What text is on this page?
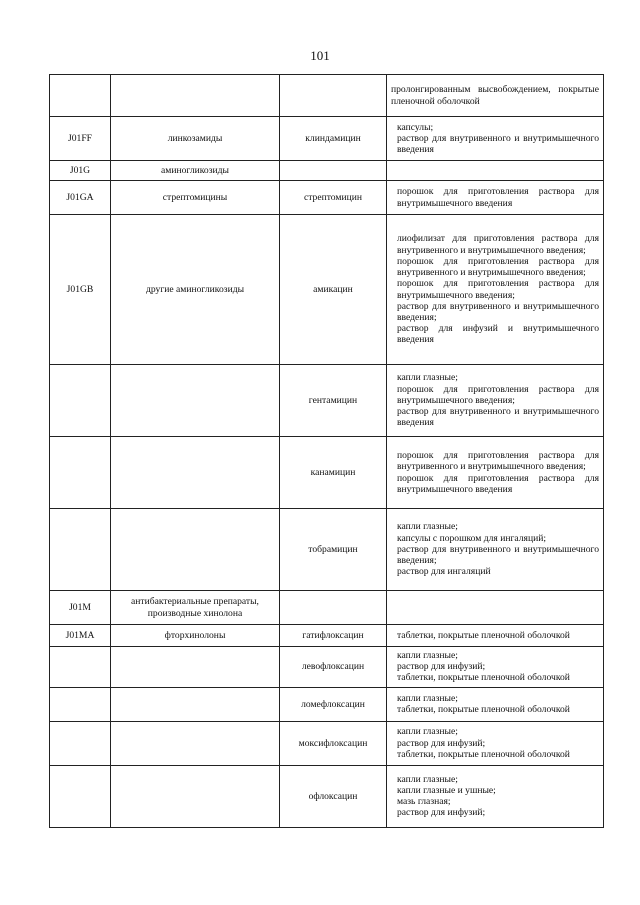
101

			пролонгированным высвобождением, покрытые пленочной оболочкой

J01FF	линкозамиды	клиндамицин	капсулы;
раствор для внутривенного и внутримышечного введения

J01G	аминогликозиды		
J01GA	стрептомицины	стрептомицин	порошок для приготовления раствора для внутримышечного введения

J01GB	другие аминогликозиды	амикацин	лиофилизат для приготовления раствора для внутривенного и внутримышечного введения;
порошок для приготовления раствора для внутривенного и внутримышечного введения;
порошок для приготовления раствора для внутримышечного введения;
раствор для внутривенного и внутримышечного введения;
раствор для инфузий и внутримышечного введения

		гентамицин	капли глазные;
порошок для приготовления раствора для внутримышечного введения;
раствор для внутривенного и внутримышечного введения

		канамицин	порошок для приготовления раствора для внутривенного и внутримышечного введения;
порошок для приготовления раствора для внутримышечного введения

		тобрамицин	капли глазные;
капсулы с порошком для ингаляций;
раствор для внутривенного и внутримышечного введения;
раствор для ингаляций

J01M	антибактериальные препараты, производные хинолона		
J01MA	фторхинолоны	гатифлоксацин	таблетки, покрытые пленочной оболочкой

		левофлоксацин	капли глазные;
раствор для инфузий;
таблетки, покрытые пленочной оболочкой

		ломефлоксацин	капли глазные;
таблетки, покрытые пленочной оболочкой

		моксифлоксацин	капли глазные;
раствор для инфузий;
таблетки, покрытые пленочной оболочкой

		офлоксацин	капли глазные;
капли глазные и ушные;
мазь глазная;
раствор для инфузий;
